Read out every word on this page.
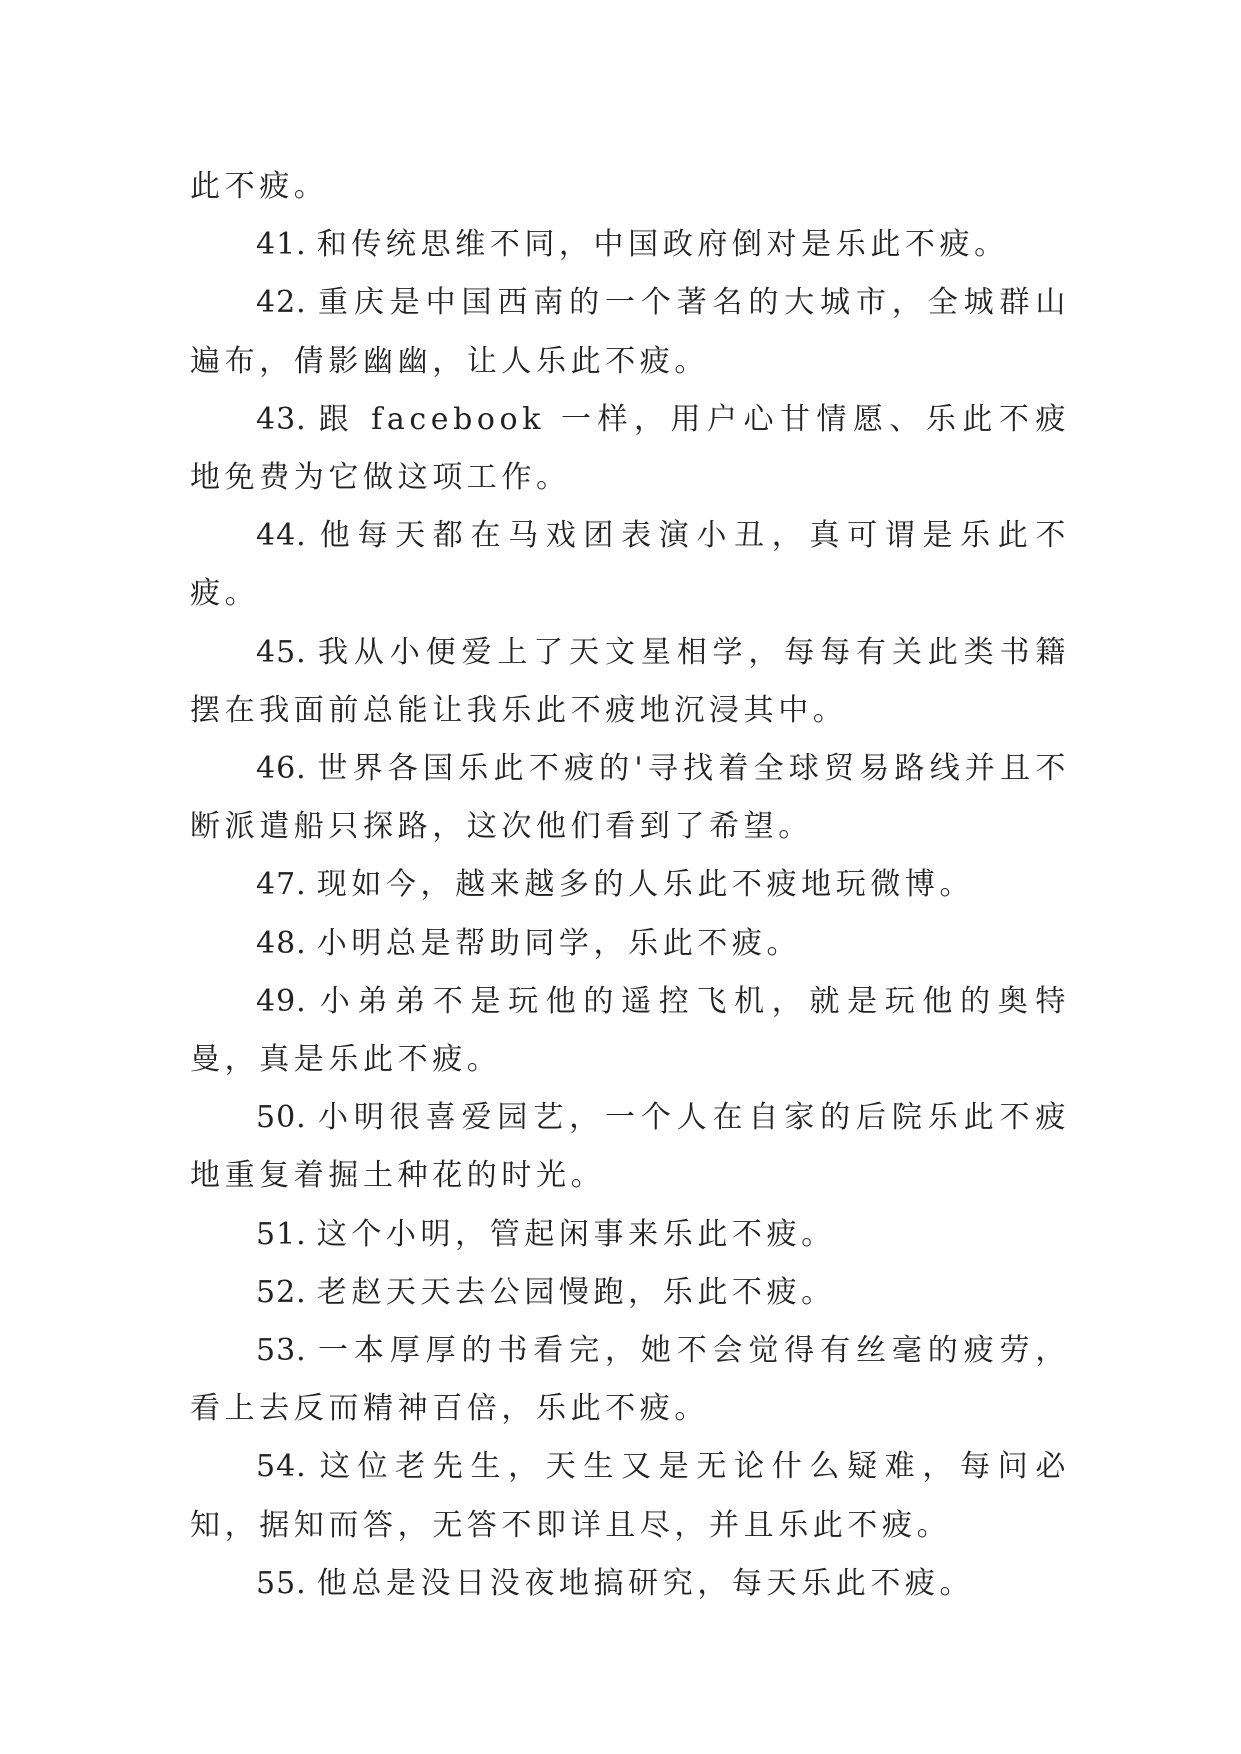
此不疲。

41. 和传统思维不同，中国政府倒对是乐此不疲。

42. 重庆是中国西南的一个著名的大城市，全城群山遍布，倩影幽幽，让人乐此不疲。

43. 跟 facebook 一样，用户心甘情愿、乐此不疲地免费为它做这项工作。

44. 他每天都在马戏团表演小丑，真可谓是乐此不疲。

45. 我从小便爱上了天文星相学，每每有关此类书籍摆在我面前总能让我乐此不疲地沉浸其中。

46. 世界各国乐此不疲的'寻找着全球贸易路线并且不断派遣船只探路，这次他们看到了希望。

47. 现如今，越来越多的人乐此不疲地玩微博。

48. 小明总是帮助同学，乐此不疲。

49. 小弟弟不是玩他的遥控飞机，就是玩他的奥特曼，真是乐此不疲。

50. 小明很喜爱园艺，一个人在自家的后院乐此不疲地重复着掘土种花的时光。

51. 这个小明，管起闲事来乐此不疲。

52. 老赵天天去公园慢跑，乐此不疲。

53. 一本厚厚的书看完，她不会觉得有丝毫的疲劳，看上去反而精神百倍，乐此不疲。

54. 这位老先生，天生又是无论什么疑难，每问必知，据知而答，无答不即详且尽，并且乐此不疲。

55. 他总是没日没夜地搞研究，每天乐此不疲。
